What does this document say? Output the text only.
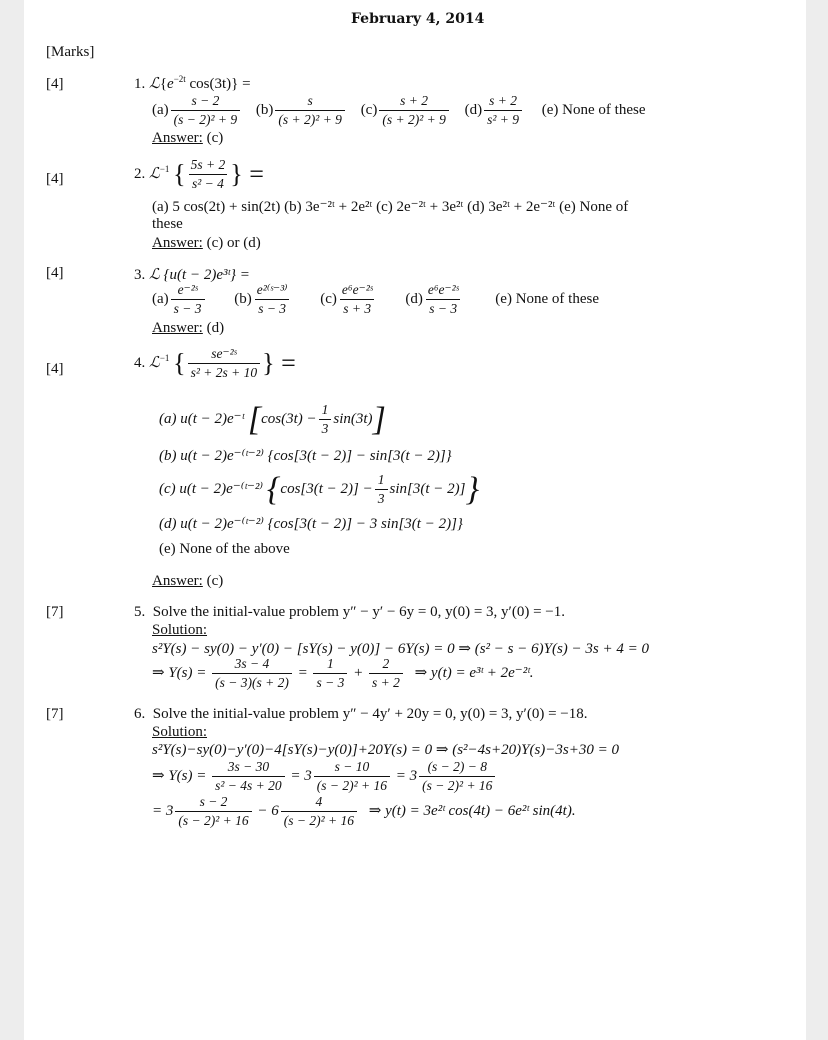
February 4, 2014
[Marks]
[4]	1. $ℒ\{e^{-2t}$ cos(3t)} =
$(a) \frac{s - 2}{\text{(s − 2)² + 9}} (b) \frac{s}{\text{(s + 2)² + 9}} (c) \frac{s + 2}{\text{(s + 2)² + 9}} (d) \frac{s + 2}{\text{s² + 9}} (e)$ None of these
Answer: (c)
[4]	2. ℒ$^{-1}$ { $\frac{5s + 2}{\text{s² − 4}}$ } =
(a) 5 cos(2t) + sin(2t) (b) 3e⁻²ᵗ + 2e²ᵗ (c) 2e⁻²ᵗ + 3e²ᵗ (d) 3e²ᵗ + 2e⁻²ᵗ (e) None of
these
Answer: (c) or (d)
[4]	3. ℒ {u(t − 2)e³ᵗ} =
$(a) \frac{\text{e⁻²ˢ}}{s - 3} (b) \frac{\text{e²⁽ˢ⁻³⁾}}{s - 3} (c) \frac{\text{e⁶e⁻²ˢ}}{s + 3} (d) \frac{\text{e⁶e⁻²ˢ}}{s - 3} (e)$ None of these
Answer: (d)
[4]	4. ℒ$^{-1}$ { $\frac{\text{se⁻²ˢ}}{\text{s² + 2s + 10}}$ } =
(a) u(t − 2)e⁻ᵗ $[\cos(3t) - \frac{1}{3} \sin(3t)]$
(b) u(t − 2)e⁻⁽ᵗ⁻²⁾ {cos[3(t − 2)] − sin[3(t − 2)]}
(c) u(t − 2)e⁻⁽ᵗ⁻²⁾ $\{\cos[3(t - 2)] - \frac{1}{3} \sin[3(t - 2)]\}$
(d) u(t − 2)e⁻⁽ᵗ⁻²⁾ {cos[3(t − 2)] − 3 sin[3(t − 2)]}
(e) None of the above
Answer: (c)
[7]	5. Solve the initial-value problem y″ − y′ − 6y = 0, y(0) = 3, y′(0) = −1.
Solution:
s²Y(s) − sy(0) − y′(0) − [sY(s) − y(0)] − 6Y(s) = 0 ⇒ (s² − s − 6)Y(s) − 3s + 4 = 0
⇒ $Y(s) = \frac{3s - 4}{(s - 3)(s + 2)} = \frac{1}{s - 3} + \frac{2}{s + 2}$ ⇒ y(t) = e³ᵗ + 2e⁻²ᵗ.
[7]	6. Solve the initial-value problem y″ − 4y′ + 20y = 0, y(0) = 3, y′(0) = −18.
Solution:
s²Y(s)−sy(0)−y′(0)−4[sY(s)−y(0)]+20Y(s) = 0 ⇒ (s²−4s+20)Y(s)−3s+30 = 0
⇒ $Y(s) = \frac{3s - 30}{\text{s² − 4s + 20}} = 3 \frac{s - 10}{\text{(s − 2)² + 16}} = 3 \frac{(s - 2) - 8}{\text{(s − 2)² + 16}}$
= $3 \frac{s - 2}{\text{(s − 2)² + 16}} - 6 \frac{4}{\text{(s − 2)² + 16}}$ ⇒ y(t) = 3e²ᵗ cos(4t) − 6e²ᵗ sin(4t).
